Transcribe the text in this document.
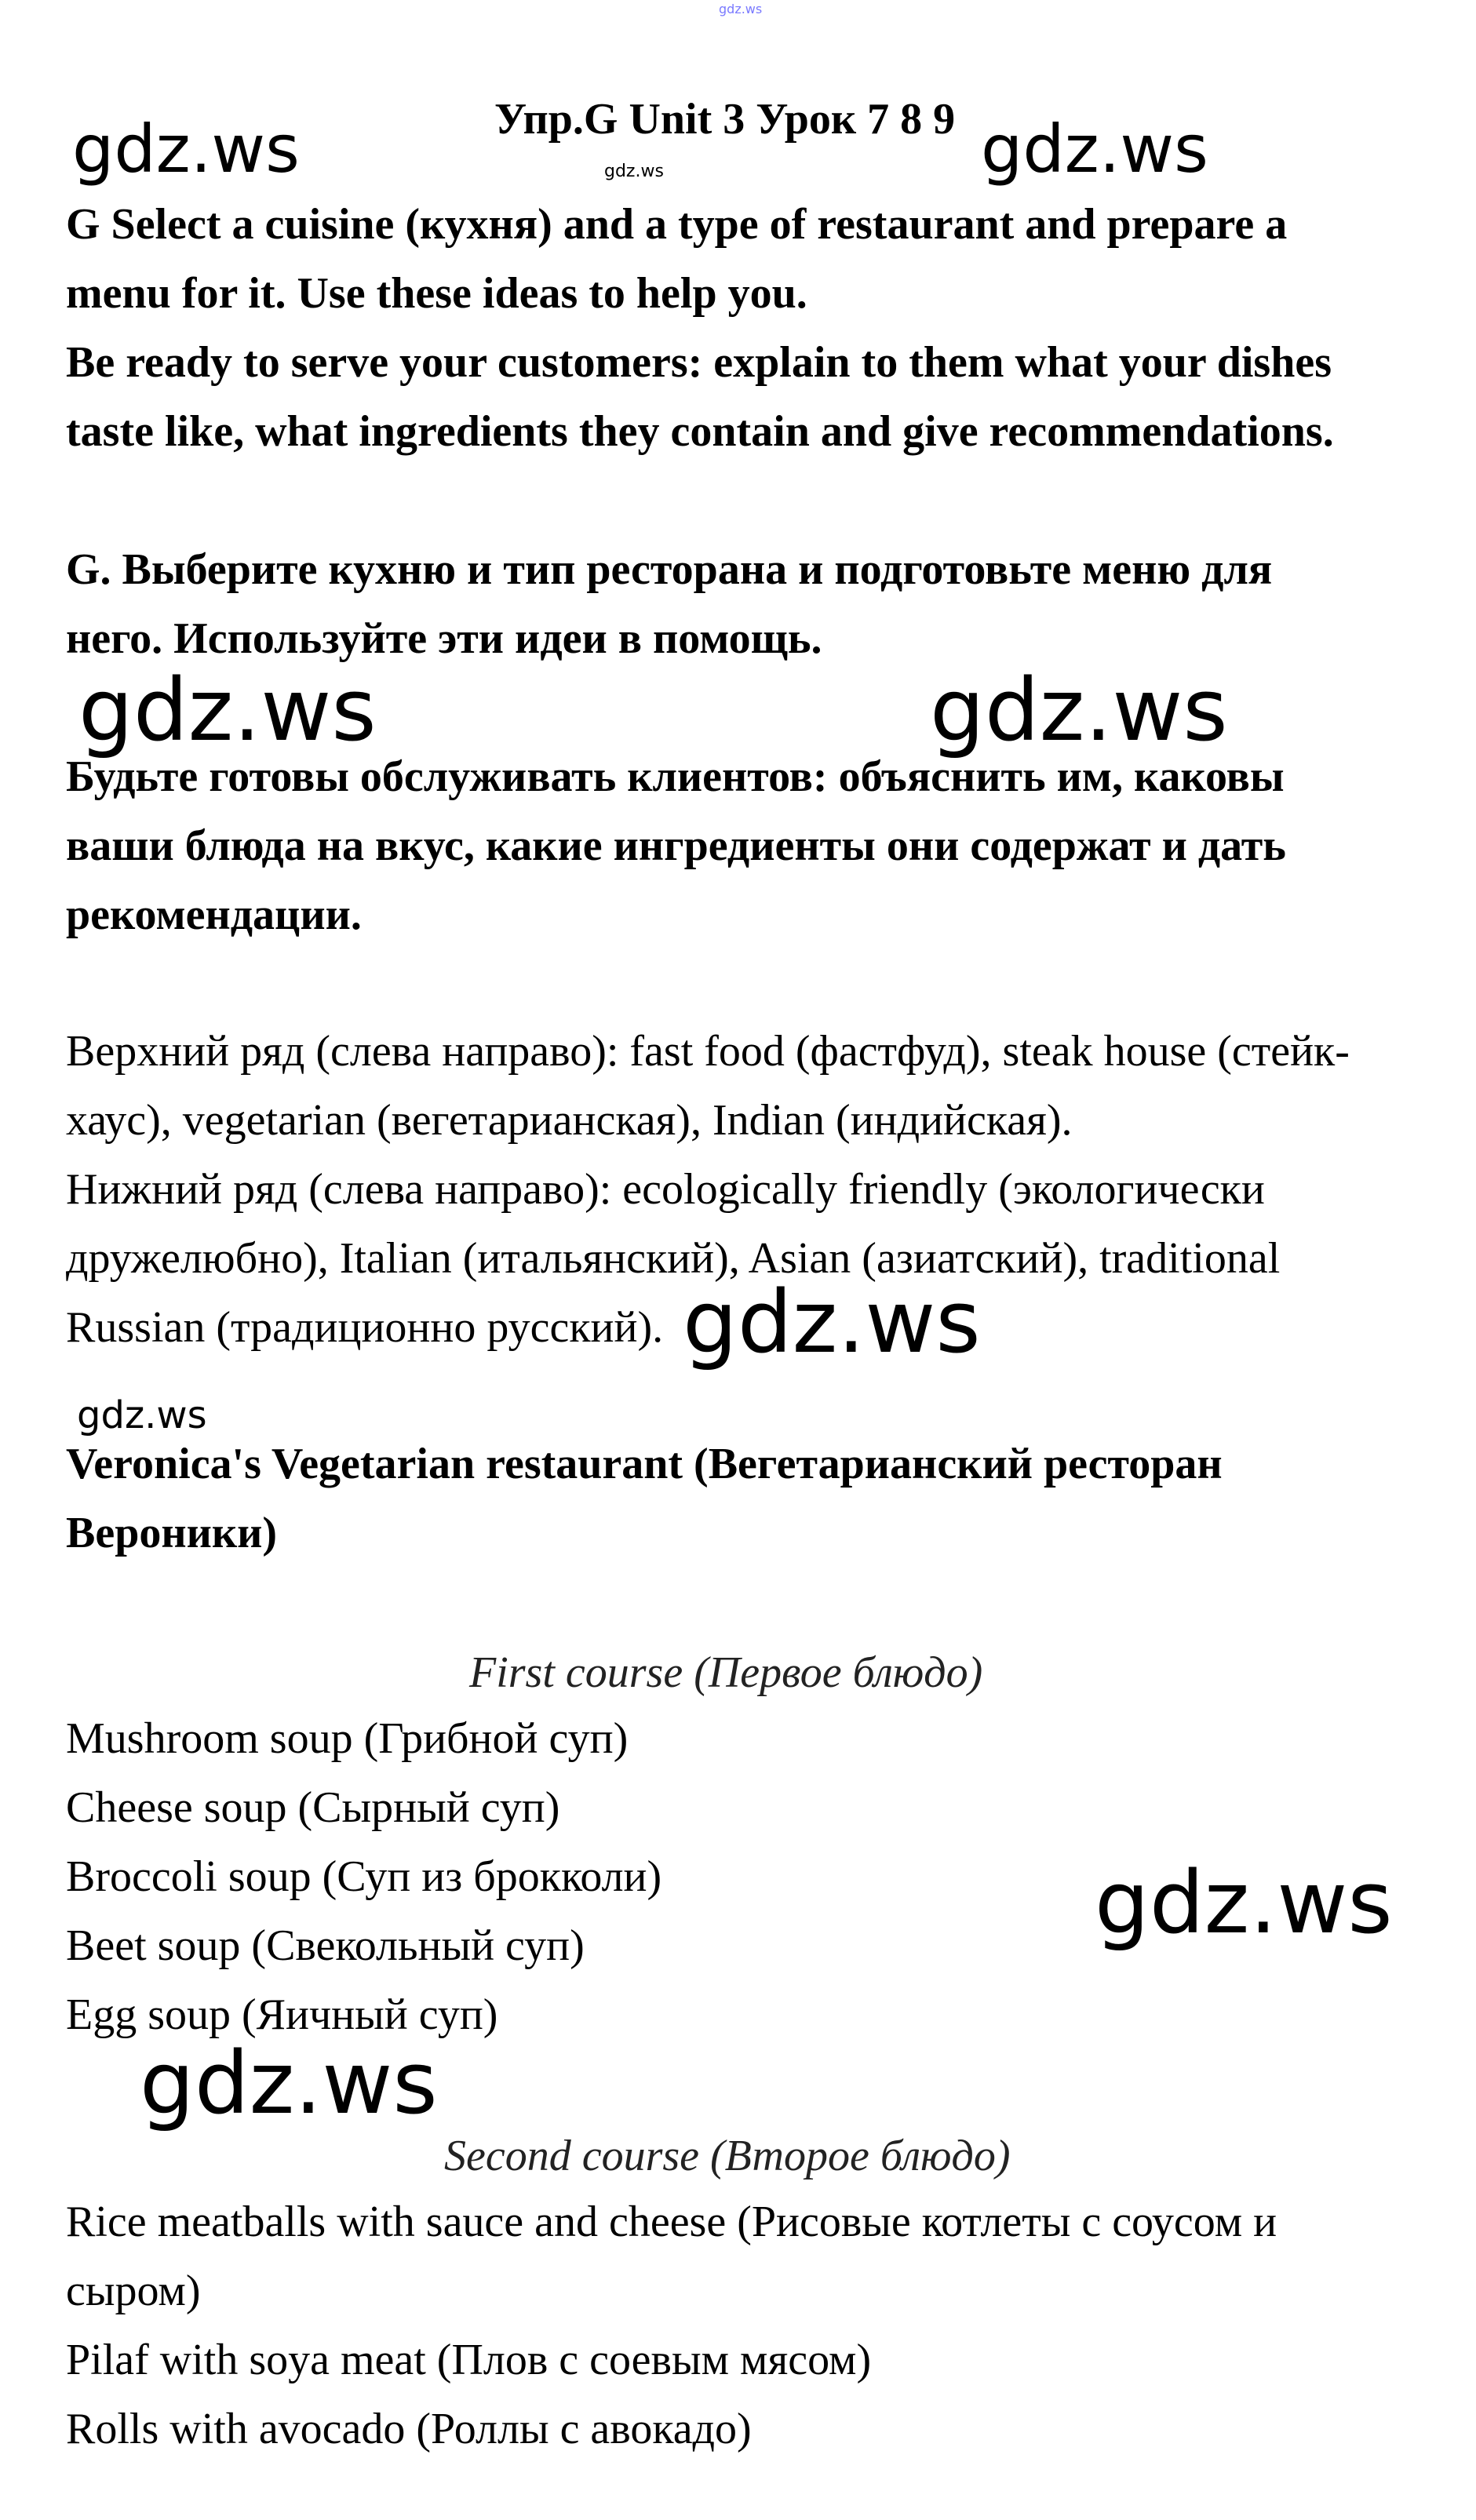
gdz.ws
gdz.ws	gdz.ws
gdz.ws
gdz.ws	gdz.ws
gdz.ws
gdz.ws
gdz.ws
gdz.ws
Упр.G Unit 3 Урок 7 8 9
G Select a cuisine (кухня) and a type of restaurant and prepare a
menu for it. Use these ideas to help you.
Be ready to serve your customers: explain to them what your dishes
taste like, what ingredients they contain and give recommendations.
G. Выберите кухню и тип ресторана и подготовьте меню для
него. Используйте эти идеи в помощь.
Будьте готовы обслуживать клиентов: объяснить им, каковы
ваши блюда на вкус, какие ингредиенты они содержат и дать
рекомендации.
Верхний ряд (слева направо): fast food (фастфуд), steak house (стейк-
хаус), vegetarian (вегетарианская), Indian (индийская).
Нижний ряд (слева направо): ecologically friendly (экологически
дружелюбно), Italian (итальянский), Asian (азиатский), traditional
Russian (традиционно русский).
Veronica's Vegetarian restaurant (Вегетарианский ресторан
Вероники)
First course (Первое блюдо)
Mushroom soup (Грибной суп)
Cheese soup (Сырный суп)
Broccoli soup (Суп из брокколи)
Beet soup (Свекольный суп)
Egg soup (Яичный суп)
Second course (Второе блюдо)
Rice meatballs with sauce and cheese (Рисовые котлеты с соусом и
сыром)
Pilaf with soya meat (Плов с соевым мясом)
Rolls with avocado (Роллы с авокадо)
